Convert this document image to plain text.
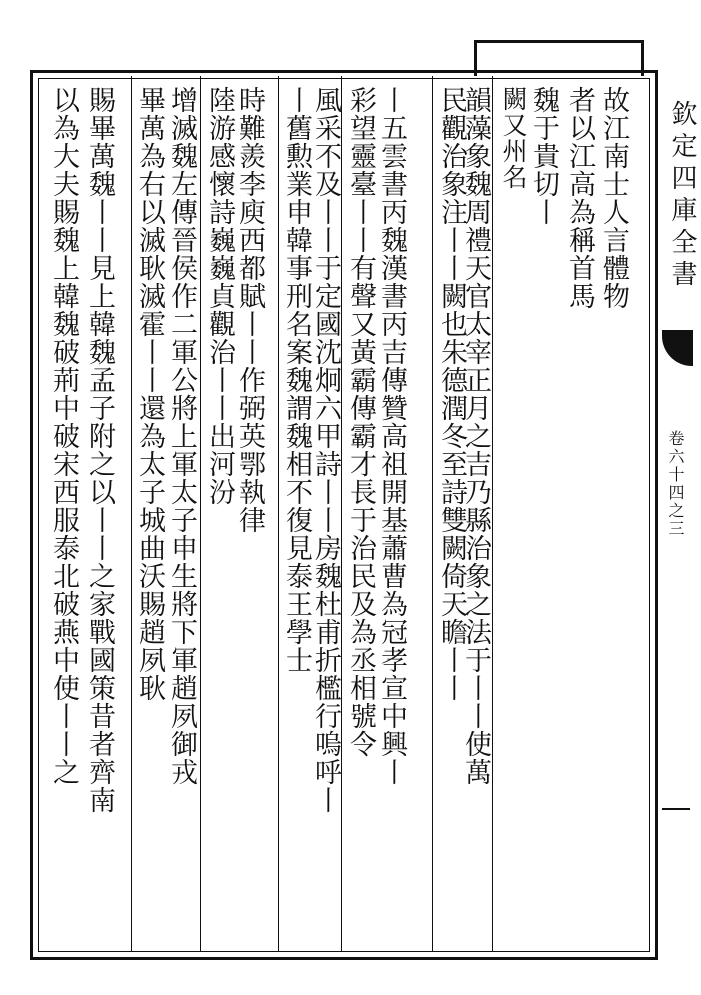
欽定四庫全書
卷六十四之三
故江南士人言體物
者以江高為稱首馬
魏于貴切丨
闕又州名
韻藻象魏周禮天官太宰正月之吉乃縣治象之法于丨丨使萬
民觀治象注丨丨闕也朱德潤冬至詩雙闕倚天瞻丨丨
丨五雲書丙魏漢書丙吉傳贊高祖開基蕭曹為冠孝宣中興丨
彩望靈臺丨丨有聲又黃霸傳霸才長于治民及為丞相號令
風采不及丨丨于定國沈炯六甲詩丨丨房魏杜甫折檻行嗚呼丨
丨舊勲業申韓事刑名案魏謂魏相不復見泰王學士
時難羨李庾西都賦丨丨作弼英鄂執律
陸游感懷詩巍巍貞觀治丨丨出河汾
增滅魏左傳晉侯作二軍公將上軍太子申生將下軍趙夙御戎
畢萬為右以滅耿滅霍丨丨還為太子城曲沃賜趙夙耿
賜畢萬魏丨丨見上韓魏孟子附之以丨丨之家戰國策昔者齊南
以為大夫賜魏上韓魏破荊中破宋西服泰北破燕中使丨丨之
